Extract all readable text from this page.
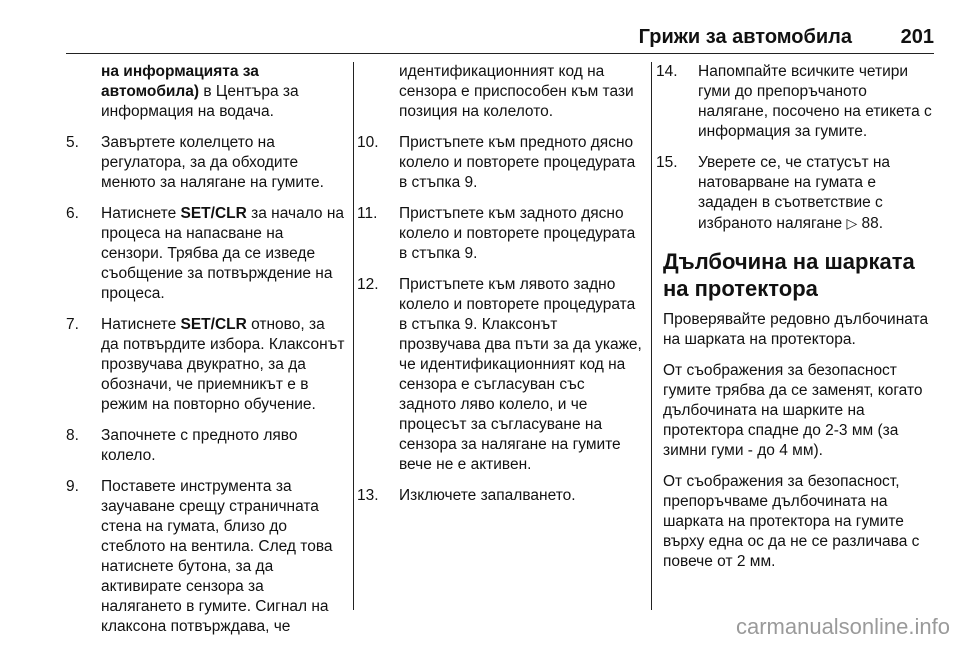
Грижи за автомобила 201
на информацията за автомобила) в Центъра за информация на водача.
5. Завъртете колелцето на регулатора, за да обходите менюто за налягане на гумите.
6. Натиснете SET/CLR за начало на процеса на напасване на сензори. Трябва да се изведе съобщение за потвърждение на процеса.
7. Натиснете SET/CLR отново, за да потвърдите избора. Клаксонът прозвучава двукратно, за да обозначи, че приемникът е в режим на повторно обучение.
8. Започнете с предното ляво колело.
9. Поставете инструмента за заучаване срещу страничната стена на гумата, близо до стеблото на вентила. След това натиснете бутона, за да активирате сензора за налягането в гумите. Сигнал на клаксона потвърждава, че
идентификационният код на сензора е приспособен към тази позиция на колелото.
10. Пристъпете към предното дясно колело и повторете процедурата в стъпка 9.
11. Пристъпете към задното дясно колело и повторете процедурата в стъпка 9.
12. Пристъпете към лявото задно колело и повторете процедурата в стъпка 9. Клаксонът прозвучава два пъти за да укаже, че идентификационният код на сензора е съгласуван със задното ляво колело, и че процесът за съгласуване на сензора за налягане на гумите вече не е активен.
13. Изключете запалването.
14. Напомпайте всичките четири гуми до препоръчаното налягане, посочено на етикета с информация за гумите.
15. Уверете се, че статусът на натоварване на гумата е зададен в съответствие с избраното налягане ▷ 88.
Дълбочина на шарката на протектора
Проверявайте редовно дълбочината на шарката на протектора.
От съображения за безопасност гумите трябва да се заменят, когато дълбочината на шарките на протектора спадне до 2-3 мм (за зимни гуми - до 4 мм).
От съображения за безопасност, препоръчваме дълбочината на шарката на протектора на гумите върху една ос да не се различава с повече от 2 мм.
carmanualsonline.info
